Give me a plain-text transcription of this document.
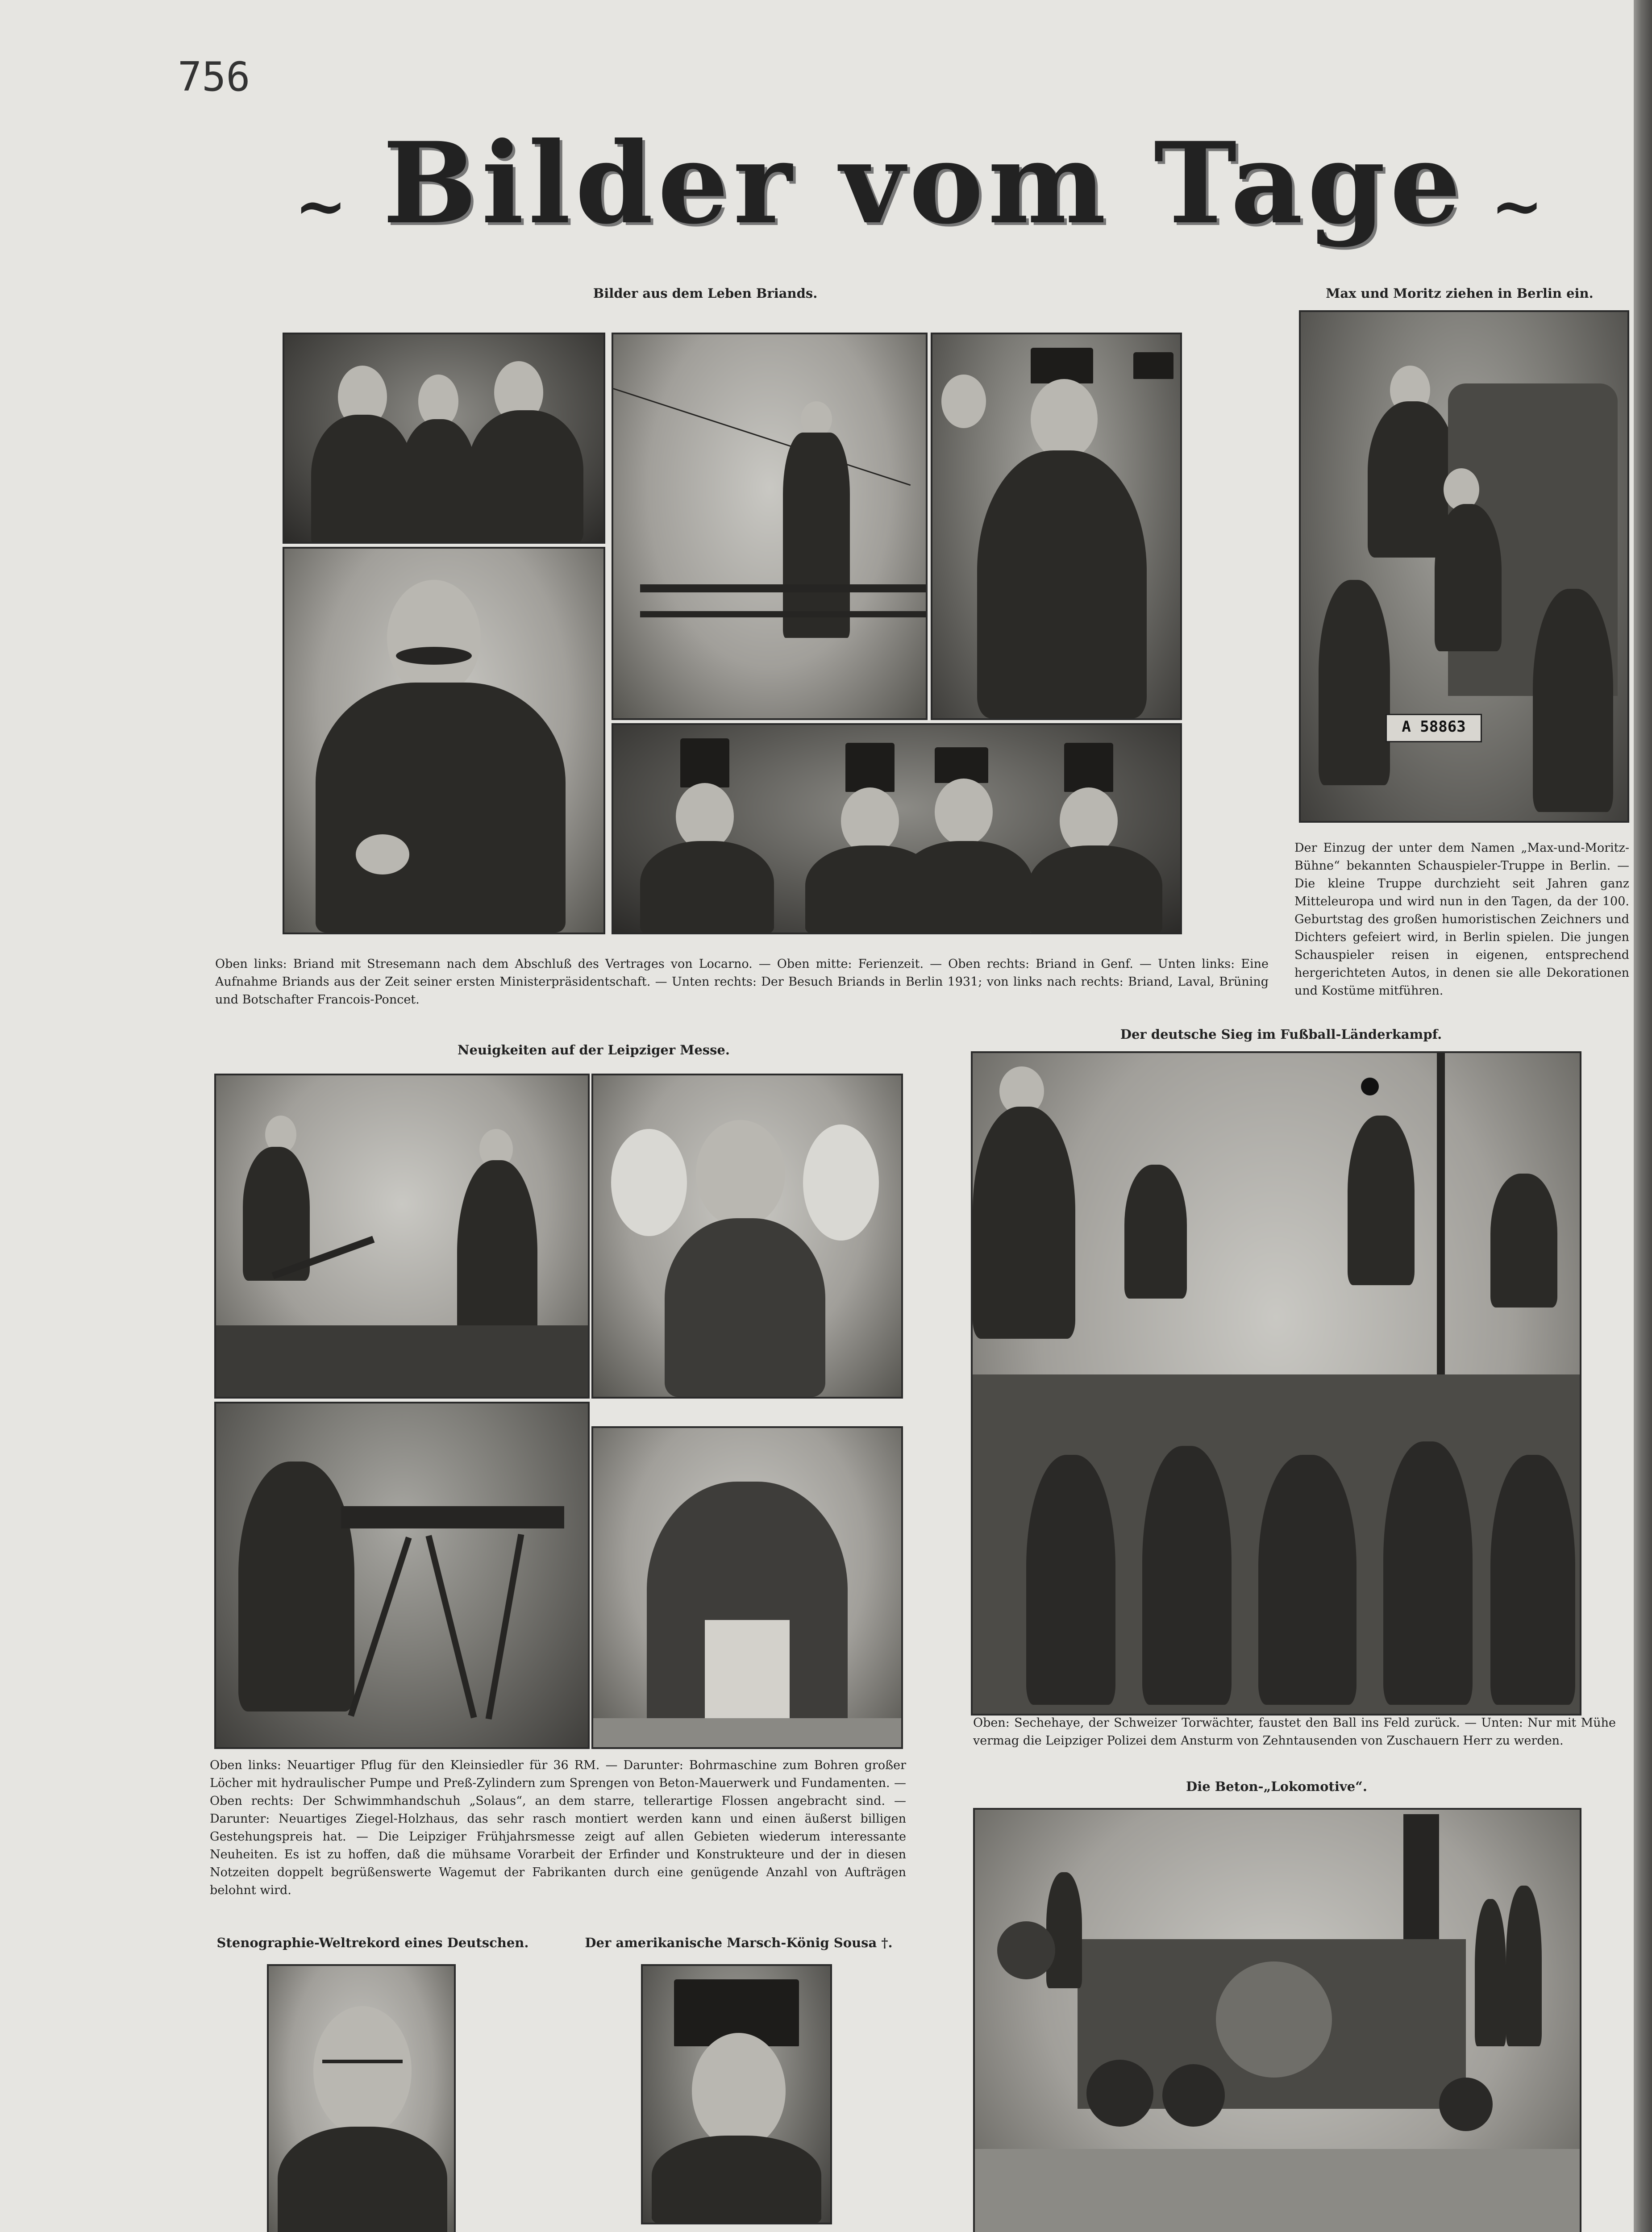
756
~ Bilder vom Tage ~
Bilder aus dem Leben Briands.
Oben links: Briand mit Stresemann nach dem Abschluß des Vertrages von Locarno. — Oben mitte: Ferienzeit. — Oben rechts: Briand in Genf. — Unten links: Eine Aufnahme Briands aus der Zeit seiner ersten Ministerpräsidentschaft. — Unten rechts: Der Besuch Briands in Berlin 1931; von links nach rechts: Briand, Laval, Brüning und Botschafter Francois-Poncet.
Max und Moritz ziehen in Berlin ein.
A 58863
Der Einzug der unter dem Namen „Max-und-Moritz-Bühne“ bekannten Schauspieler-Truppe in Berlin. — Die kleine Truppe durchzieht seit Jahren ganz Mitteleuropa und wird nun in den Tagen, da der 100. Geburtstag des großen humoristischen Zeichners und Dichters gefeiert wird, in Berlin spielen. Die jungen Schauspieler reisen in eigenen, entsprechend hergerichteten Autos, in denen sie alle Dekorationen und Kostüme mitführen.
Neuigkeiten auf der Leipziger Messe.
Oben links: Neuartiger Pflug für den Kleinsiedler für 36 RM. — Darunter: Bohrmaschine zum Bohren großer Löcher mit hydraulischer Pumpe und Preß-Zylindern zum Sprengen von Beton-Mauerwerk und Fundamenten. — Oben rechts: Der Schwimmhandschuh „Solaus“, an dem starre, tellerartige Flossen angebracht sind. — Darunter: Neuartiges Ziegel-Holzhaus, das sehr rasch montiert werden kann und einen äußerst billigen Gestehungspreis hat. — Die Leipziger Frühjahrsmesse zeigt auf allen Gebieten wiederum interessante Neuheiten. Es ist zu hoffen, daß die mühsame Vorarbeit der Erfinder und Konstrukteure und der in diesen Notzeiten doppelt begrüßenswerte Wagemut der Fabrikanten durch eine genügende Anzahl von Aufträgen belohnt wird.
Der deutsche Sieg im Fußball-Länderkampf.
Oben: Sechehaye, der Schweizer Torwächter, faustet den Ball ins Feld zurück. — Unten: Nur mit Mühe vermag die Leipziger Polizei dem Ansturm von Zehntausenden von Zuschauern Herr zu werden.
Stenographie-Weltrekord eines Deutschen.	Der amerikanische Marsch-König Sousa †.
Die Beton-„Lokomotive“.
